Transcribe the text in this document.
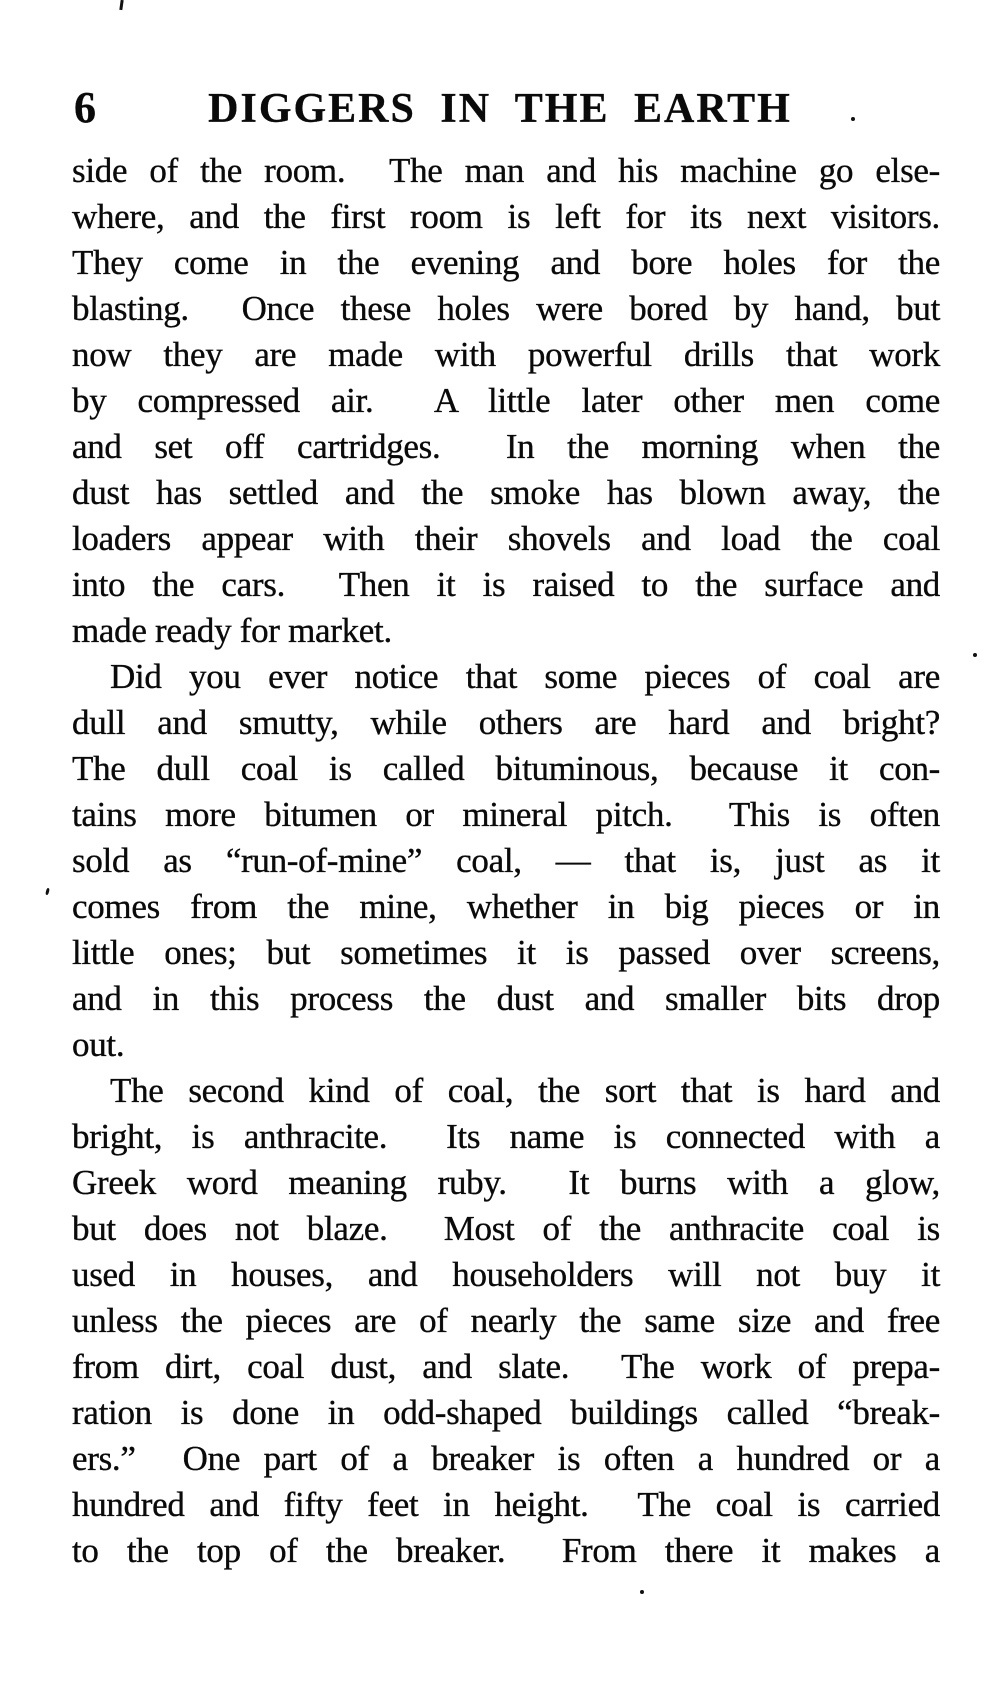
6	DIGGERS IN THE EARTH
side of the room.  The man and his machine go else-
where, and the first room is left for its next visitors.
They come in the evening and bore holes for the
blasting.  Once these holes were bored by hand, but
now they are made with powerful drills that work
by compressed air.  A little later other men come
and set off cartridges.  In the morning when the
dust has settled and the smoke has blown away, the
loaders appear with their shovels and load the coal
into the cars.  Then it is raised to the surface and
made ready for market.
Did you ever notice that some pieces of coal are
dull and smutty, while others are hard and bright?
The dull coal is called bituminous, because it con-
tains more bitumen or mineral pitch.  This is often
sold as “run-of-mine” coal, — that is, just as it
comes from the mine, whether in big pieces or in
little ones; but sometimes it is passed over screens,
and in this process the dust and smaller bits drop
out.
The second kind of coal, the sort that is hard and
bright, is anthracite.  Its name is connected with a
Greek word meaning ruby.  It burns with a glow,
but does not blaze.  Most of the anthracite coal is
used in houses, and householders will not buy it
unless the pieces are of nearly the same size and free
from dirt, coal dust, and slate.  The work of prepa-
ration is done in odd-shaped buildings called “break-
ers.”  One part of a breaker is often a hundred or a
hundred and fifty feet in height.  The coal is carried
to the top of the breaker.  From there it makes a
